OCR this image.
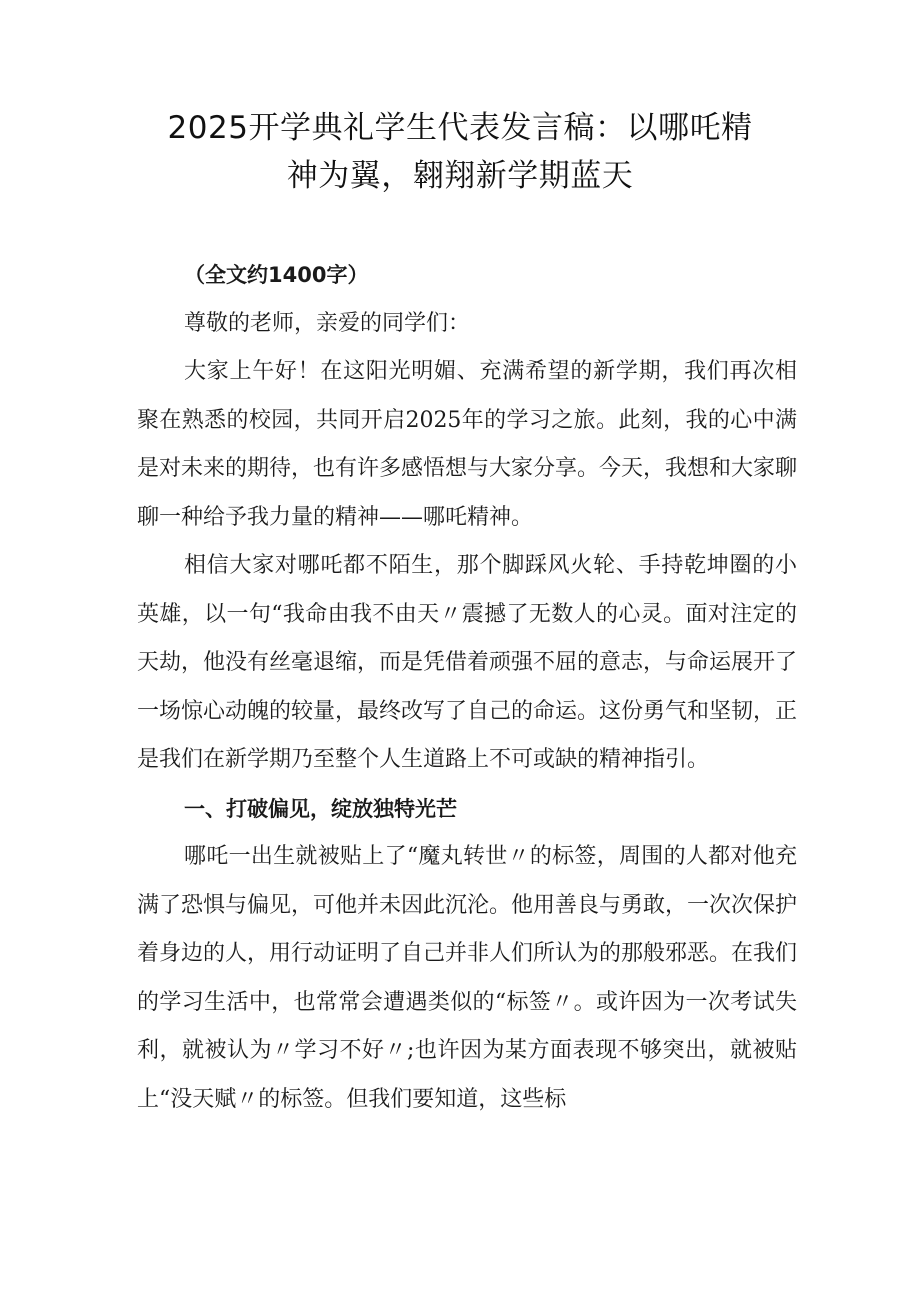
2025开学典礼学生代表发言稿：以哪吒精
神为翼，翱翔新学期蓝天

（全文约1400字）

尊敬的老师，亲爱的同学们：

大家上午好！在这阳光明媚、充满希望的新学期，我们再次相聚在熟悉的校园，共同开启2025年的学习之旅。此刻，我的心中满是对未来的期待，也有许多感悟想与大家分享。今天，我想和大家聊聊一种给予我力量的精神——哪吒精神。

相信大家对哪吒都不陌生，那个脚踩风火轮、手持乾坤圈的小英雄，以一句“我命由我不由天〃震撼了无数人的心灵。面对注定的天劫，他没有丝毫退缩，而是凭借着顽强不屈的意志，与命运展开了一场惊心动魄的较量，最终改写了自己的命运。这份勇气和坚韧，正是我们在新学期乃至整个人生道路上不可或缺的精神指引。

一、打破偏见，绽放独特光芒

哪吒一出生就被贴上了“魔丸转世〃的标签，周围的人都对他充满了恐惧与偏见，可他并未因此沉沦。他用善良与勇敢，一次次保护着身边的人，用行动证明了自己并非人们所认为的那般邪恶。在我们的学习生活中，也常常会遭遇类似的“标签〃。或许因为一次考试失利，就被认为〃学习不好〃;也许因为某方面表现不够突出，就被贴上“没天赋〃的标签。但我们要知道，这些标
